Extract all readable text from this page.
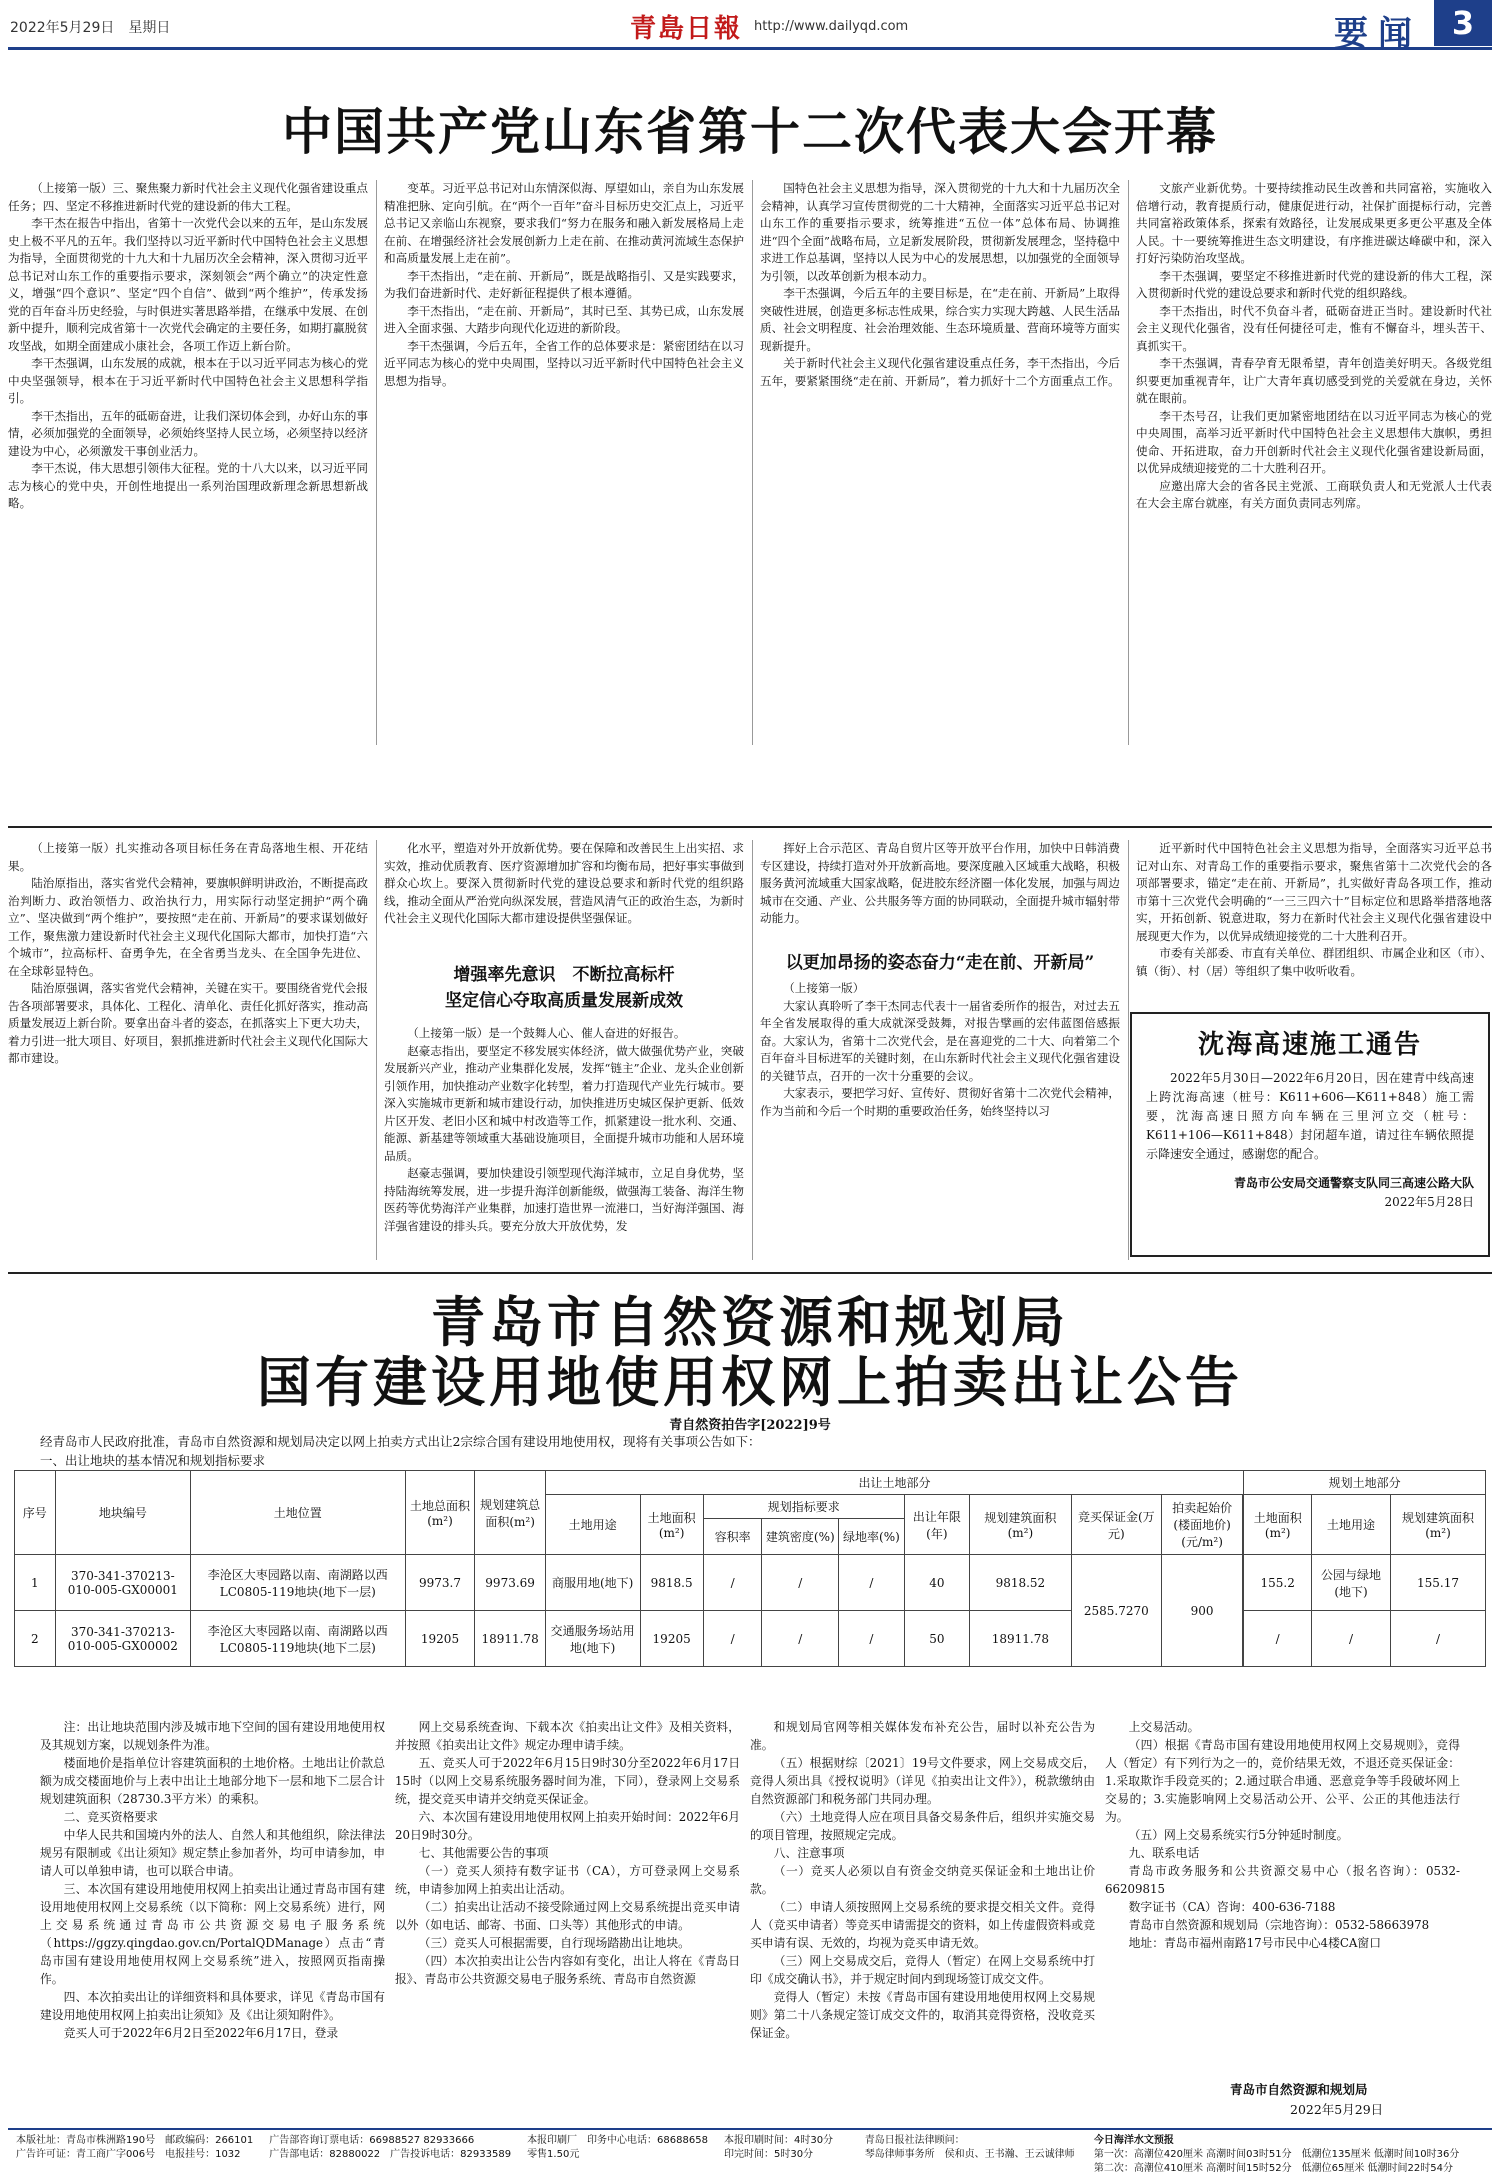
2022年5月29日　星期日	青島日報 http://www.dailyqd.com	要闻 3
中国共产党山东省第十二次代表大会开幕

（上接第一版）三、聚焦聚力新时代社会主义现代化强省建设重点任务；四、坚定不移推进新时代党的建设新的伟大工程。

李干杰在报告中指出，省第十一次党代会以来的五年，是山东发展史上极不平凡的五年。我们坚持以习近平新时代中国特色社会主义思想为指导，全面贯彻党的十九大和十九届历次全会精神，深入贯彻习近平总书记对山东工作的重要指示要求，深刻领会“两个确立”的决定性意义，增强“四个意识”、坚定“四个自信”、做到“两个维护”，传承发扬党的百年奋斗历史经验，与时俱进实著思路举措，在继承中发展、在创新中提升，顺利完成省第十一次党代会确定的主要任务，如期打赢脱贫攻坚战，如期全面建成小康社会，各项工作迈上新台阶。

李干杰强调，山东发展的成就，根本在于以习近平同志为核心的党中央坚强领导，根本在于习近平新时代中国特色社会主义思想科学指引。

李干杰指出，五年的砥砺奋进，让我们深切体会到，办好山东的事情，必须加强党的全面领导，必须始终坚持人民立场，必须坚持以经济建设为中心，必须激发干事创业活力。

李干杰说，伟大思想引领伟大征程。党的十八大以来，以习近平同志为核心的党中央，开创性地提出一系列治国理政新理念新思想新战略。

变革。习近平总书记对山东情深似海、厚望如山，亲自为山东发展精准把脉、定向引航。在“两个一百年”奋斗目标历史交汇点上，习近平总书记又亲临山东视察，要求我们“努力在服务和融入新发展格局上走在前、在增强经济社会发展创新力上走在前、在推动黄河流域生态保护和高质量发展上走在前”。

李干杰指出，“走在前、开新局”，既是战略指引、又是实践要求，为我们奋进新时代、走好新征程提供了根本遵循。

李干杰指出，“走在前、开新局”，其时已至、其势已成，山东发展进入全面求强、大踏步向现代化迈进的新阶段。

李干杰强调，今后五年，全省工作的总体要求是：紧密团结在以习近平同志为核心的党中央周围，坚持以习近平新时代中国特色社会主义思想为指导。

国特色社会主义思想为指导，深入贯彻党的十九大和十九届历次全会精神，认真学习宣传贯彻党的二十大精神，全面落实习近平总书记对山东工作的重要指示要求，统筹推进“五位一体”总体布局、协调推进“四个全面”战略布局，立足新发展阶段，贯彻新发展理念，坚持稳中求进工作总基调，坚持以人民为中心的发展思想，以加强党的全面领导为引领，以改革创新为根本动力。

李干杰强调，今后五年的主要目标是，在“走在前、开新局”上取得突破性进展，创造更多标志性成果，综合实力实现大跨越、人民生活品质、社会文明程度、社会治理效能、生态环境质量、营商环境等方面实现新提升。

关于新时代社会主义现代化强省建设重点任务，李干杰指出，今后五年，要紧紧围绕“走在前、开新局”，着力抓好十二个方面重点工作。

文旅产业新优势。十要持续推动民生改善和共同富裕，实施收入倍增行动，教育提质行动，健康促进行动，社保扩面提标行动，完善共同富裕政策体系，探索有效路径，让发展成果更多更公平惠及全体人民。十一要统筹推进生态文明建设，有序推进碳达峰碳中和，深入打好污染防治攻坚战。

李干杰强调，要坚定不移推进新时代党的建设新的伟大工程，深入贯彻新时代党的建设总要求和新时代党的组织路线。

李干杰指出，时代不负奋斗者，砥砺奋进正当时。建设新时代社会主义现代化强省，没有任何捷径可走，惟有不懈奋斗，埋头苦干、真抓实干。

李干杰强调，青春孕育无限希望，青年创造美好明天。各级党组织要更加重视青年，让广大青年真切感受到党的关爱就在身边，关怀就在眼前。

李干杰号召，让我们更加紧密地团结在以习近平同志为核心的党中央周围，高举习近平新时代中国特色社会主义思想伟大旗帜，勇担使命、开拓进取，奋力开创新时代社会主义现代化强省建设新局面，以优异成绩迎接党的二十大胜利召开。

应邀出席大会的省各民主党派、工商联负责人和无党派人士代表在大会主席台就座，有关方面负责同志列席。

（上接第一版）扎实推动各项目标任务在青岛落地生根、开花结果。

陆治原指出，落实省党代会精神，要旗帜鲜明讲政治，不断提高政治判断力、政治领悟力、政治执行力，用实际行动坚定拥护“两个确立”、坚决做到“两个维护”，要按照“走在前、开新局”的要求谋划做好工作，聚焦激力建设新时代社会主义现代化国际大都市，加快打造“六个城市”，拉高标杆、奋勇争先，在全省勇当龙头、在全国争先进位、在全球彰显特色。

陆治原强调，落实省党代会精神，关键在实干。要围绕省党代会报告各项部署要求，具体化、工程化、清单化、责任化抓好落实，推动高质量发展迈上新台阶。要拿出奋斗者的姿态，在抓落实上下更大功夫，着力引进一批大项目、好项目，狠抓推进新时代社会主义现代化国际大都市建设。

化水平，塑造对外开放新优势。要在保障和改善民生上出实招、求实效，推动优质教育、医疗资源增加扩容和均衡布局，把好事实事做到群众心坎上。要深入贯彻新时代党的建设总要求和新时代党的组织路线，推动全面从严治党向纵深发展，营造风清气正的政治生态，为新时代社会主义现代化国际大都市建设提供坚强保证。

增强率先意识　不断拉高标杆
坚定信心夺取高质量发展新成效

（上接第一版）是一个鼓舞人心、催人奋进的好报告。

赵豪志指出，要坚定不移发展实体经济，做大做强优势产业，突破发展新兴产业，推动产业集群化发展，发挥“链主”企业、龙头企业创新引领作用，加快推动产业数字化转型，着力打造现代产业先行城市。要深入实施城市更新和城市建设行动，加快推进历史城区保护更新、低效片区开发、老旧小区和城中村改造等工作，抓紧建设一批水利、交通、能源、新基建等领域重大基础设施项目，全面提升城市功能和人居环境品质。

赵豪志强调，要加快建设引领型现代海洋城市，立足自身优势，坚持陆海统筹发展，进一步提升海洋创新能级，做强海工装备、海洋生物医药等优势海洋产业集群，加速打造世界一流港口，当好海洋强国、海洋强省建设的排头兵。要充分放大开放优势，发

挥好上合示范区、青岛自贸片区等开放平台作用，加快中日韩消费专区建设，持续打造对外开放新高地。要深度融入区域重大战略，积极服务黄河流域重大国家战略，促进胶东经济圈一体化发展，加强与周边城市在交通、产业、公共服务等方面的协同联动，全面提升城市辐射带动能力。

以更加昂扬的姿态奋力“走在前、开新局”

（上接第一版）

大家认真聆听了李干杰同志代表十一届省委所作的报告，对过去五年全省发展取得的重大成就深受鼓舞，对报告擘画的宏伟蓝图倍感振奋。大家认为，省第十二次党代会，是在喜迎党的二十大、向着第二个百年奋斗目标进军的关键时刻，在山东新时代社会主义现代化强省建设的关键节点，召开的一次十分重要的会议。

大家表示，要把学习好、宣传好、贯彻好省第十二次党代会精神，作为当前和今后一个时期的重要政治任务，始终坚持以习

近平新时代中国特色社会主义思想为指导，全面落实习近平总书记对山东、对青岛工作的重要指示要求，聚焦省第十二次党代会的各项部署要求，锚定“走在前、开新局”，扎实做好青岛各项工作，推动市第十三次党代会明确的“一三三四六十”目标定位和思路举措落地落实，开拓创新、锐意进取，努力在新时代社会主义现代化强省建设中展现更大作为，以优异成绩迎接党的二十大胜利召开。

市委有关部委、市直有关单位、群团组织、市属企业和区（市）、镇（街）、村（居）等组织了集中收听收看。

沈海高速施工通告
2022年5月30日—2022年6月20日，因在建青中线高速上跨沈海高速（桩号：K611+606—K611+848）施工需要，沈海高速日照方向车辆在三里河立交（桩号：K611+106—K611+848）封闭超车道，请过往车辆依照提示降速安全通过，感谢您的配合。
青岛市公安局交通警察支队同三高速公路大队
2022年5月28日
青岛市自然资源和规划局
国有建设用地使用权网上拍卖出让公告
青自然资拍告字[2022]9号
经青岛市人民政府批准，青岛市自然资源和规划局决定以网上拍卖方式出让2宗综合国有建设用地使用权，现将有关事项公告如下：
一、出让地块的基本情况和规划指标要求
序号	地块编号	土地位置	土地总面积(m²)	规划建筑总面积(m²)	出让土地部分									规划土地部分		
					土地用途	土地面积(m²)	规划指标要求			出让年限(年)	规划建筑面积(m²)	竞买保证金(万元)	拍卖起始价(楼面地价)(元/m²)		土地面积(m²)	土地用途	规划建筑面积(m²)
							容积率	建筑密度(%)	绿地率(%)							
1	370-341-370213-010-005-GX00001	李沧区大枣园路以南、南湖路以西LC0805-119地块(地下一层)	9973.7	9973.69	商服用地(地下)	9818.5	/	/	/	40	9818.52	2585.7270	900		155.2	公园与绿地(地下)	155.17
2	370-341-370213-010-005-GX00002	李沧区大枣园路以南、南湖路以西LC0805-119地块(地下二层)	19205	18911.78	交通服务场站用地(地下)	19205	/	/	/	50	18911.78			/	/	/

注：出让地块范围内涉及城市地下空间的国有建设用地使用权及其规划方案，以规划条件为准。

楼面地价是指单位计容建筑面积的土地价格。土地出让价款总额为成交楼面地价与上表中出让土地部分地下一层和地下二层合计规划建筑面积（28730.3平方米）的乘积。

二、竞买资格要求

中华人民共和国境内外的法人、自然人和其他组织，除法律法规另有限制或《出让须知》规定禁止参加者外，均可申请参加，申请人可以单独申请，也可以联合申请。

三、本次国有建设用地使用权网上拍卖出让通过青岛市国有建设用地使用权网上交易系统（以下简称：网上交易系统）进行，网上交易系统通过青岛市公共资源交易电子服务系统（https://ggzy.qingdao.gov.cn/PortalQDManage）点击“青岛市国有建设用地使用权网上交易系统”进入，按照网页指南操作。

四、本次拍卖出让的详细资料和具体要求，详见《青岛市国有建设用地使用权网上拍卖出让须知》及《出让须知附件》。

竞买人可于2022年6月2日至2022年6月17日，登录

网上交易系统查询、下载本次《拍卖出让文件》及相关资料，并按照《拍卖出让文件》规定办理申请手续。

五、竞买人可于2022年6月15日9时30分至2022年6月17日15时（以网上交易系统服务器时间为准，下同），登录网上交易系统，提交竞买申请并交纳竞买保证金。

六、本次国有建设用地使用权网上拍卖开始时间：2022年6月20日9时30分。

七、其他需要公告的事项

（一）竞买人须持有数字证书（CA），方可登录网上交易系统，申请参加网上拍卖出让活动。

（二）拍卖出让活动不接受除通过网上交易系统提出竞买申请以外（如电话、邮寄、书面、口头等）其他形式的申请。

（三）竞买人可根据需要，自行现场踏勘出让地块。

（四）本次拍卖出让公告内容如有变化，出让人将在《青岛日报》、青岛市公共资源交易电子服务系统、青岛市自然资源

和规划局官网等相关媒体发布补充公告，届时以补充公告为准。

（五）根据财综〔2021〕19号文件要求，网上交易成交后，竞得人须出具《授权说明》（详见《拍卖出让文件》），税款缴纳由自然资源部门和税务部门共同办理。

（六）土地竞得人应在项目具备交易条件后，组织并实施交易的项目管理，按照规定完成。

八、注意事项

（一）竞买人必须以自有资金交纳竞买保证金和土地出让价款。

（二）申请人须按照网上交易系统的要求提交相关文件。竞得人（竞买申请者）等竞买申请需提交的资料，如上传虚假资料或竞买申请有误、无效的，均视为竞买申请无效。

（三）网上交易成交后，竞得人（暂定）在网上交易系统中打印《成交确认书》，并于规定时间内到现场签订成交文件。

竞得人（暂定）未按《青岛市国有建设用地使用权网上交易规则》第二十八条规定签订成交文件的，取消其竞得资格，没收竞买保证金。

上交易活动。

（四）根据《青岛市国有建设用地使用权网上交易规则》，竞得人（暂定）有下列行为之一的，竞价结果无效，不退还竞买保证金：1.采取欺诈手段竞买的；2.通过联合串通、恶意竞争等手段破坏网上交易的；3.实施影响网上交易活动公开、公平、公正的其他违法行为。

（五）网上交易系统实行5分钟延时制度。

九、联系电话

青岛市政务服务和公共资源交易中心（报名咨询）：0532-66209815

数字证书（CA）咨询：400-636-7188

青岛市自然资源和规划局（宗地咨询）：0532-58663978

地址：青岛市福州南路17号市民中心4楼CA窗口

青岛市自然资源和规划局
2022年5月29日
本版社址：青岛市株洲路190号　邮政编码：266101
广告许可证：青工商广字006号　电报挂号：1032
广告部咨询订票电话：66988527 82933666
广告部电话：82880022　广告投诉电话：82933589
本报印刷厂　印务中心电话：68688658
零售1.50元
本报印刷时间：4时30分
印完时间：5时30分
青岛日报社法律顾问：
琴岛律师事务所　侯和贞、王书瀚、王云诚律师
今日海洋水文预报
第一次：高潮位420厘米 高潮时间03时51分　低潮位135厘米 低潮时间10时36分
第二次：高潮位410厘米 高潮时间15时52分　低潮位65厘米 低潮时间22时54分
